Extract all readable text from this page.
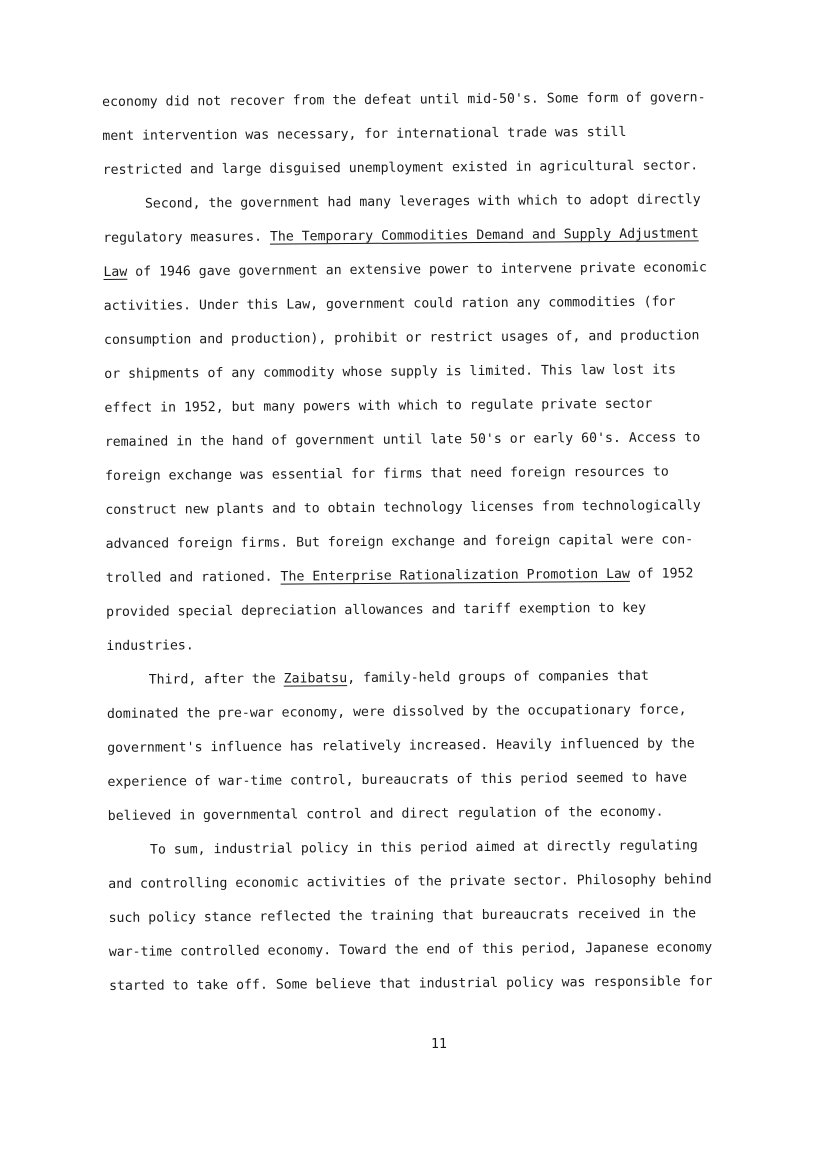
economy did not recover from the defeat until mid-50's. Some form of govern-
ment intervention was necessary, for international trade was still
restricted and large disguised unemployment existed in agricultural sector.
Second, the government had many leverages with which to adopt directly
regulatory measures. The Temporary Commodities Demand and Supply Adjustment
Law of 1946 gave government an extensive power to intervene private economic
activities. Under this Law, government could ration any commodities (for
consumption and production), prohibit or restrict usages of, and production
or shipments of any commodity whose supply is limited. This law lost its
effect in 1952, but many powers with which to regulate private sector
remained in the hand of government until late 50's or early 60's. Access to
foreign exchange was essential for firms that need foreign resources to
construct new plants and to obtain technology licenses from technologically
advanced foreign firms. But foreign exchange and foreign capital were con-
trolled and rationed. The Enterprise Rationalization Promotion Law of 1952
provided special depreciation allowances and tariff exemption to key
industries.
Third, after the Zaibatsu, family-held groups of companies that
dominated the pre-war economy, were dissolved by the occupationary force,
government's influence has relatively increased. Heavily influenced by the
experience of war-time control, bureaucrats of this period seemed to have
believed in governmental control and direct regulation of the economy.
To sum, industrial policy in this period aimed at directly regulating
and controlling economic activities of the private sector. Philosophy behind
such policy stance reflected the training that bureaucrats received in the
war-time controlled economy. Toward the end of this period, Japanese economy
started to take off. Some believe that industrial policy was responsible for
11
